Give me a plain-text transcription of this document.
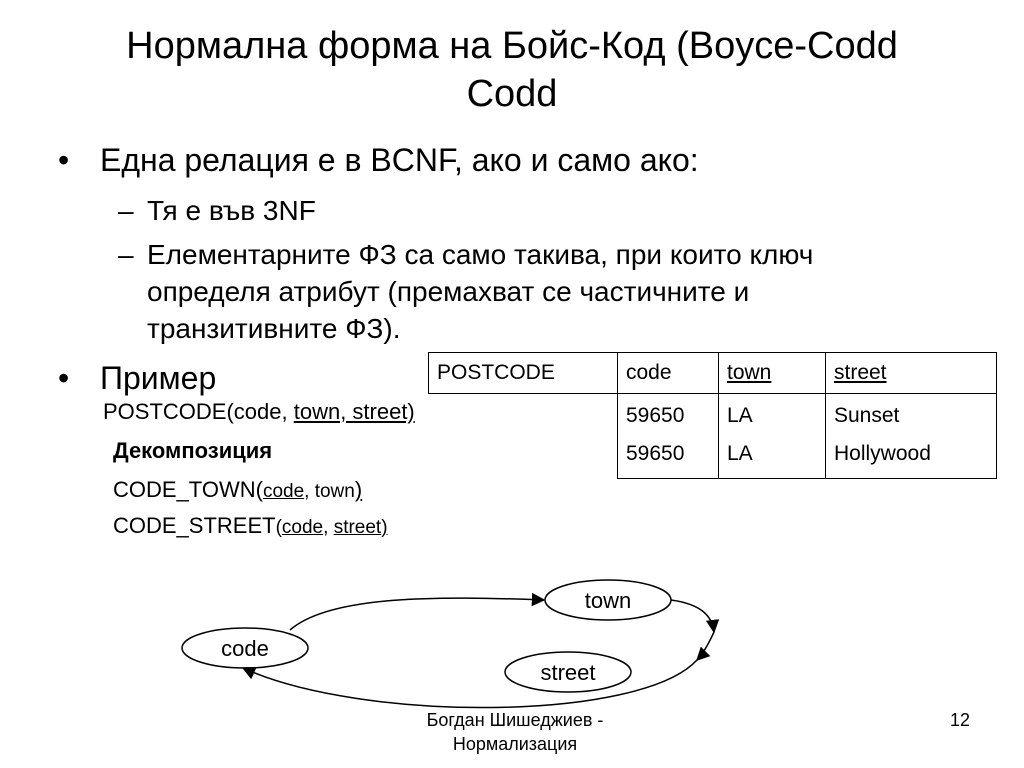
Нормална форма на Бойс-Код (Boyce-Codd
Codd
• Една релация е в BCNF, ако и само ако:
– Тя е във 3NF
– Елементарните ФЗ са само такива, при които ключ
определя атрибут (премахват се частичните и
транзитивните ФЗ).
• Пример
POSTCODE(code, town, street)
Декомпозиция
CODE_TOWN(code, town)
CODE_STREET(code, street)
POSTCODE	code	town	street
	59650	LA	Sunset
	59650	LA	Hollywood
code
town
street
Богдан Шишеджиев -
Нормализация
12
